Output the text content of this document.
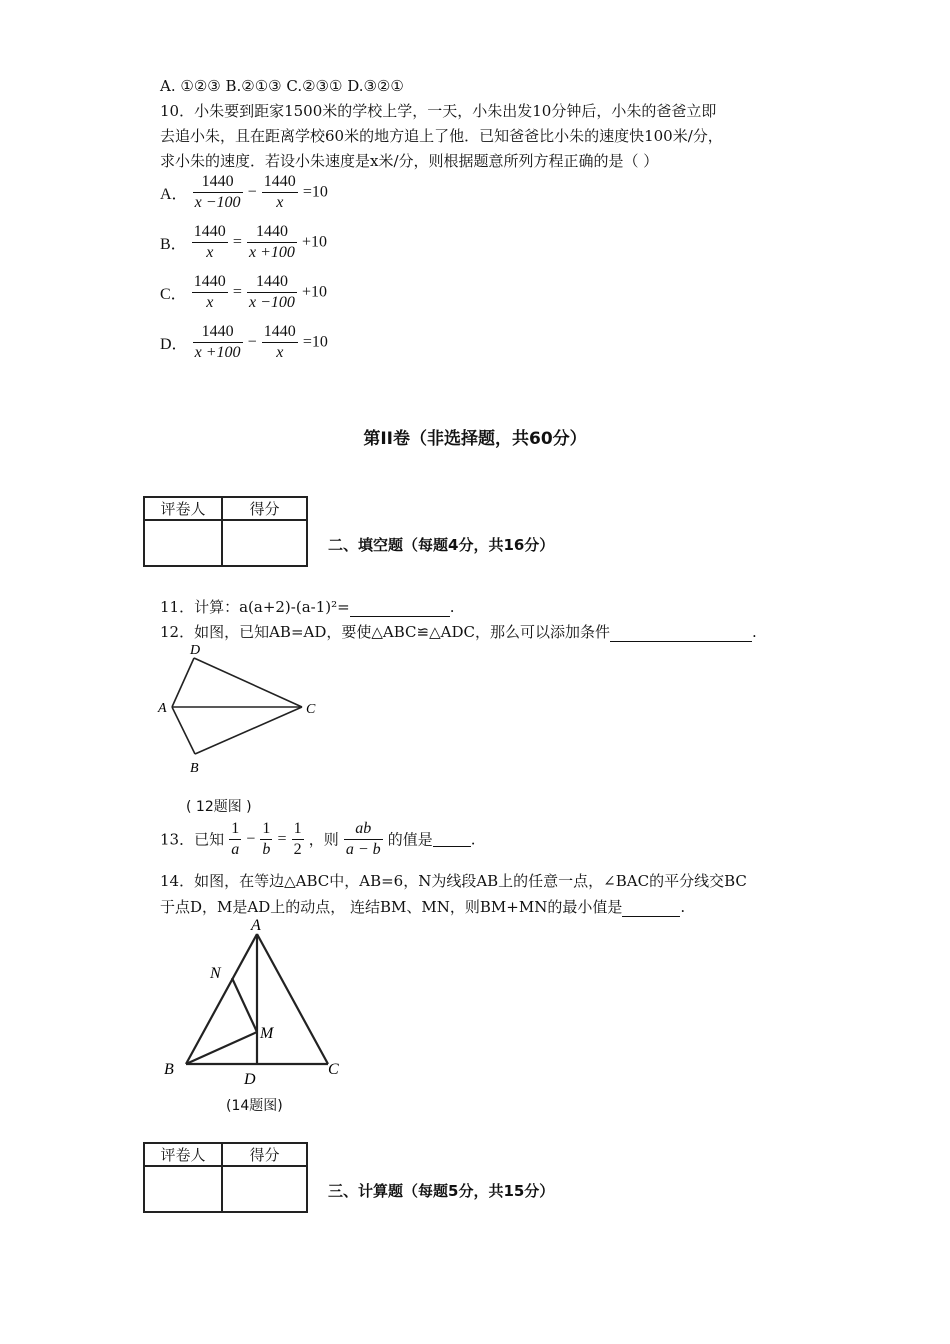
A. ①②③ B.②①③ C.②③① D.③②①
10．小朱要到距家1500米的学校上学，一天，小朱出发10分钟后，小朱的爸爸立即
去追小朱，且在距离学校60米的地方追上了他．已知爸爸比小朱的速度快100米/分，
求小朱的速度．若设小朱速度是x米/分，则根据题意所列方程正确的是（ ）
A． $\frac{1440}{x -100} - \frac{1440}{x} =10$
B． $\frac{1440}{x} = \frac{1440}{x +100} +10$
C． $\frac{1440}{x} = \frac{1440}{x -100} +10$
D． $\frac{1440}{x +100} - \frac{1440}{x} =10$
第II卷（非选择题，共60分）
评卷人	得分

二、填空题（每题4分，共16分）
11．计算：a(a+2)-(a-1)²=	.
12．如图，已知AB=AD，要使△ABC≌△ADC，那么可以添加条件	.
D
A	C
B
( 12题图 )
13．已知 $\frac{1}{a} - \frac{1}{b} = \frac{1}{2}$ ，则 $\frac{ab}{a - b}$ 的值是	.
14．如图，在等边△ABC中，AB=6，N为线段AB上的任意一点，∠BAC的平分线交BC
于点D，M是AD上的动点， 连结BM、MN，则BM+MN的最小值是	.
A
N
M
B
D
C
(14题图)
评卷人	得分

三、计算题（每题5分，共15分）
